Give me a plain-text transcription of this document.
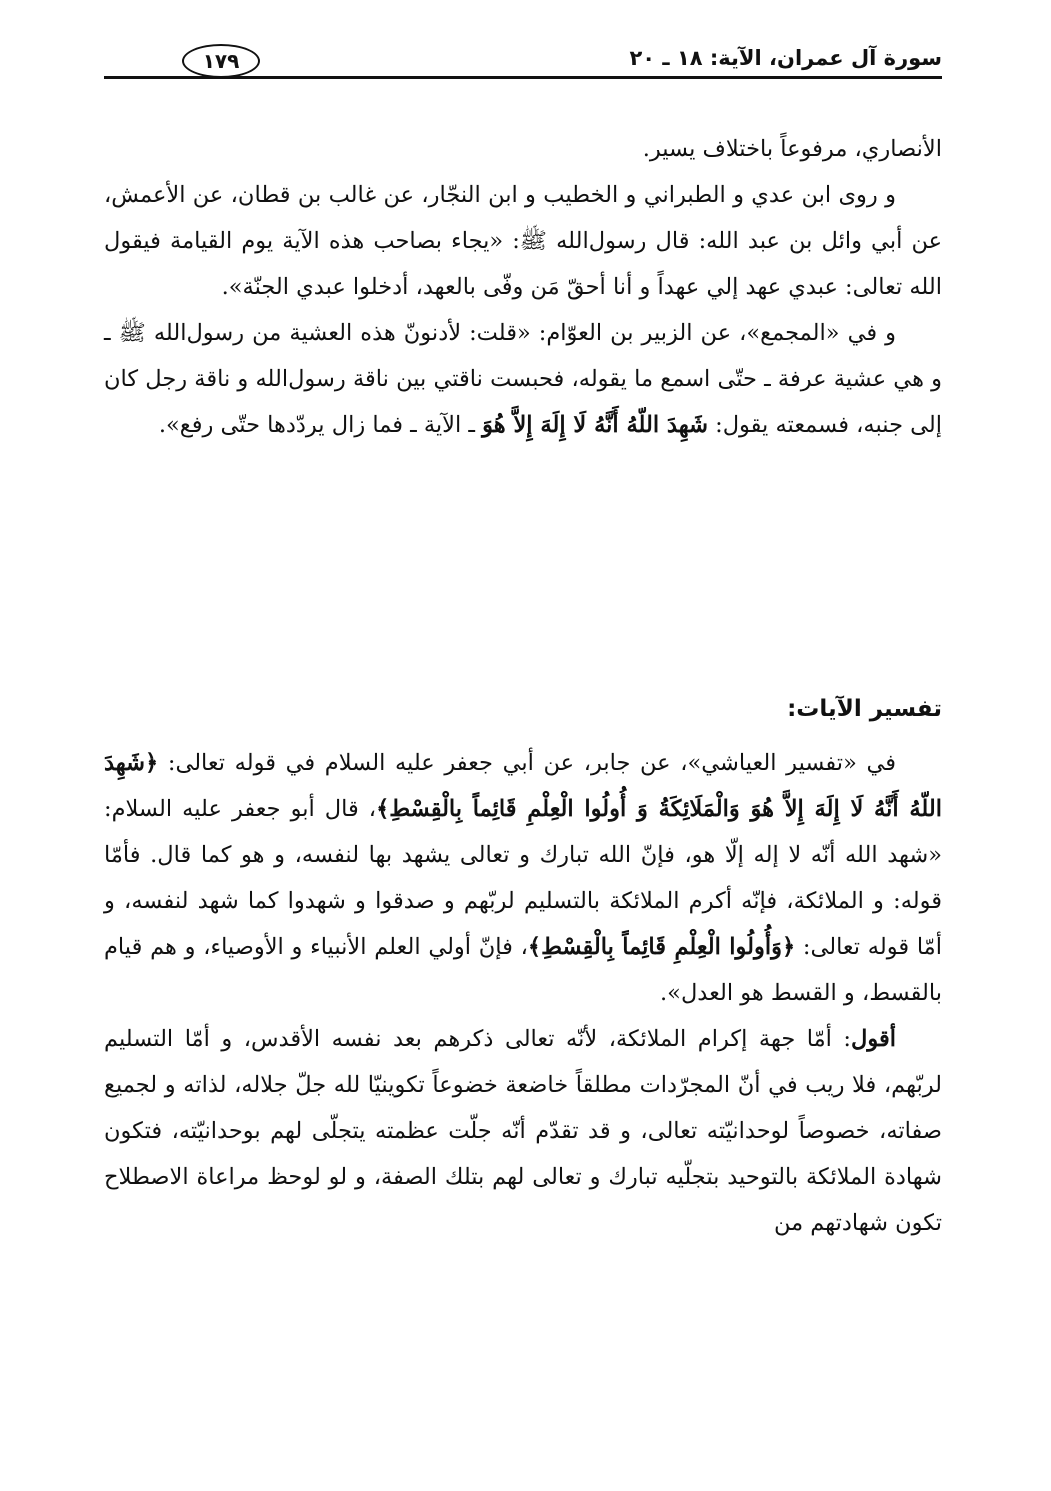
سورة آل عمران، الآية: ١٨ ـ ٢٠
١٧٩

الأنصاري، مرفوعاً باختلاف يسير.

و روى ابن عدي و الطبراني و الخطيب و ابن النجّار، عن غالب بن قطان، عن الأعمش، عن أبي وائل بن عبد الله: قال رسول‌الله ﷺ: «يجاء بصاحب هذه الآية يوم القيامة فيقول الله تعالى: عبدي عهد إلي عهداً و أنا أحقّ مَن وفّى بالعهد، أدخلوا عبدي الجنّة».

و في «المجمع»، عن الزبير بن العوّام: «قلت: لأدنونّ هذه العشية من رسول‌الله ﷺ ـ و هي عشية عرفة ـ حتّى اسمع ما يقوله، فحبست ناقتي بين ناقة رسول‌الله و ناقة رجل كان إلى جنبه، فسمعته يقول: شَهِدَ اللّهُ أَنَّهُ لَا إِلَهَ إِلاَّ هُوَ ـ الآية ـ فما زال يردّدها حتّى رفع».

تفسير الآيات:

في «تفسير العياشي»، عن جابر، عن أبي جعفر عليه السلام في قوله تعالى: ﴿شَهِدَ اللّهُ أَنَّهُ لَا إِلَهَ إِلاَّ هُوَ وَالْمَلَائِكَةُ وَ أُولُوا الْعِلْمِ قَائِماً بِالْقِسْطِ﴾، قال أبو جعفر عليه السلام: «شهد الله أنّه لا إله إلّا هو، فإنّ الله تبارك و تعالى يشهد بها لنفسه، و هو كما قال. فأمّا قوله: و الملائكة، فإنّه أكرم الملائكة بالتسليم لربّهم و صدقوا و شهدوا كما شهد لنفسه، و أمّا قوله تعالى: ﴿وَأُولُوا الْعِلْمِ قَائِماً بِالْقِسْطِ﴾، فإنّ أولي العلم الأنبياء و الأوصياء، و هم قيام بالقسط، و القسط هو العدل».

أقول: أمّا جهة إكرام الملائكة، لأنّه تعالى ذكرهم بعد نفسه الأقدس، و أمّا التسليم لربّهم، فلا ريب في أنّ المجرّدات مطلقاً خاضعة خضوعاً تكوينيّا لله جلّ جلاله، لذاته و لجميع صفاته، خصوصاً لوحدانيّته تعالى، و قد تقدّم أنّه جلّت عظمته يتجلّى لهم بوحدانيّته، فتكون شهادة الملائكة بالتوحيد بتجلّيه تبارك و تعالى لهم بتلك الصفة، و لو لوحظ مراعاة الاصطلاح تكون شهادتهم من
